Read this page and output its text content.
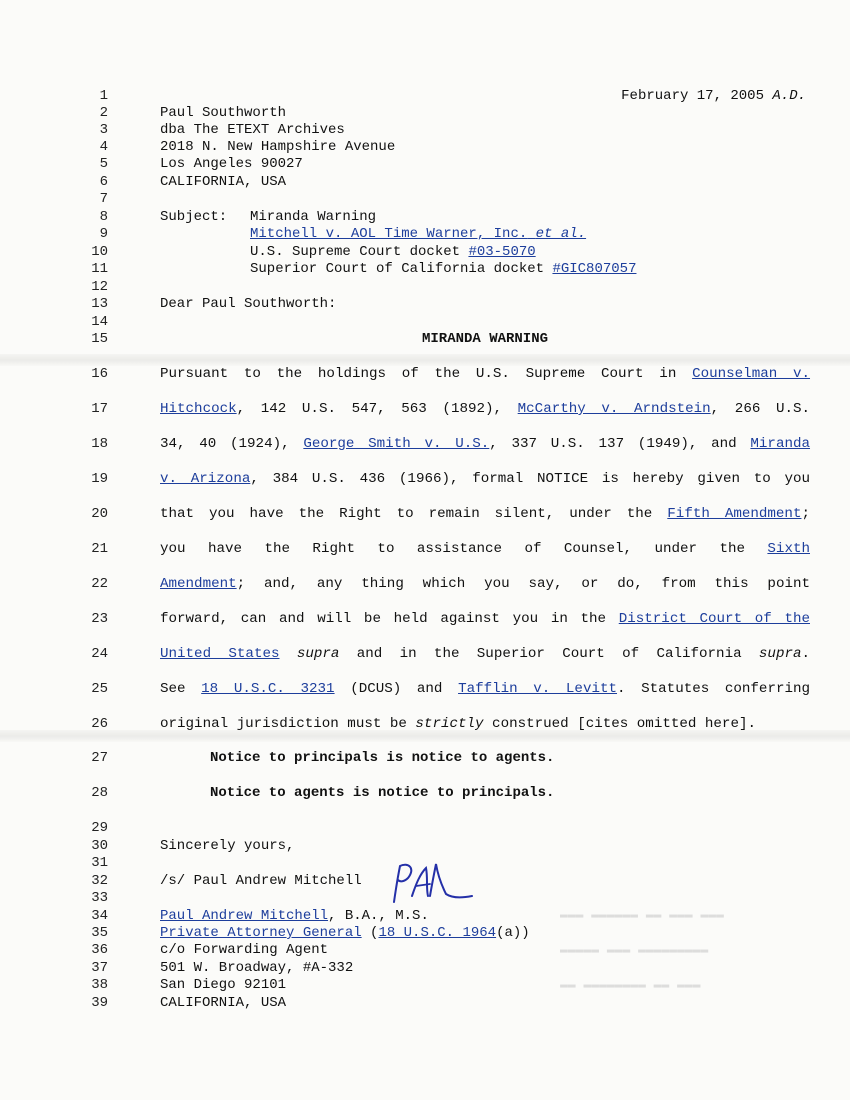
▬▬▬ ▬▬▬ ▬▬ ▬▬▬▬▬▬ ▬▬▬
▬▬▬▬▬▬▬▬▬ ▬▬▬ ▬▬▬▬▬
▬▬▬ ▬▬ ▬▬▬▬▬▬▬▬ ▬▬
1
2
3
4
5
6
7
8
9
10
11
12
13
14
15
16
17
18
19
20
21
22
23
24
25
26
27
28
29
30
31
32
33
34
35
36
37
38
39
February 17, 2005 A.D.
Paul Southworth
dba The ETEXT Archives
2018 N. New Hampshire Avenue
Los Angeles 90027
CALIFORNIA, USA
Subject: Miranda Warning
Mitchell v. AOL Time Warner, Inc. et al.
U.S. Supreme Court docket #03-5070
Superior Court of California docket #GIC807057
Dear Paul Southworth:
MIRANDA WARNING
Pursuant to the holdings of the U.S. Supreme Court in Counselman v.
Hitchcock, 142 U.S. 547, 563 (1892), McCarthy v. Arndstein, 266 U.S.
34, 40 (1924), George Smith v. U.S., 337 U.S. 137 (1949), and Miranda
v. Arizona, 384 U.S. 436 (1966), formal NOTICE is hereby given to you
that you have the Right to remain silent, under the Fifth Amendment;
you have the Right to assistance of Counsel, under the Sixth
Amendment; and, any thing which you say, or do, from this point
forward, can and will be held against you in the District Court of the
United States supra and in the Superior Court of California supra.
See 18 U.S.C. 3231 (DCUS) and Tafflin v. Levitt. Statutes conferring
original jurisdiction must be strictly construed [cites omitted here].
Notice to principals is notice to agents.
Notice to agents is notice to principals.
Sincerely yours,
/s/ Paul Andrew Mitchell
Paul Andrew Mitchell, B.A., M.S.
Private Attorney General (18 U.S.C. 1964(a))
c/o Forwarding Agent
501 W. Broadway, #A-332
San Diego 92101
CALIFORNIA, USA
